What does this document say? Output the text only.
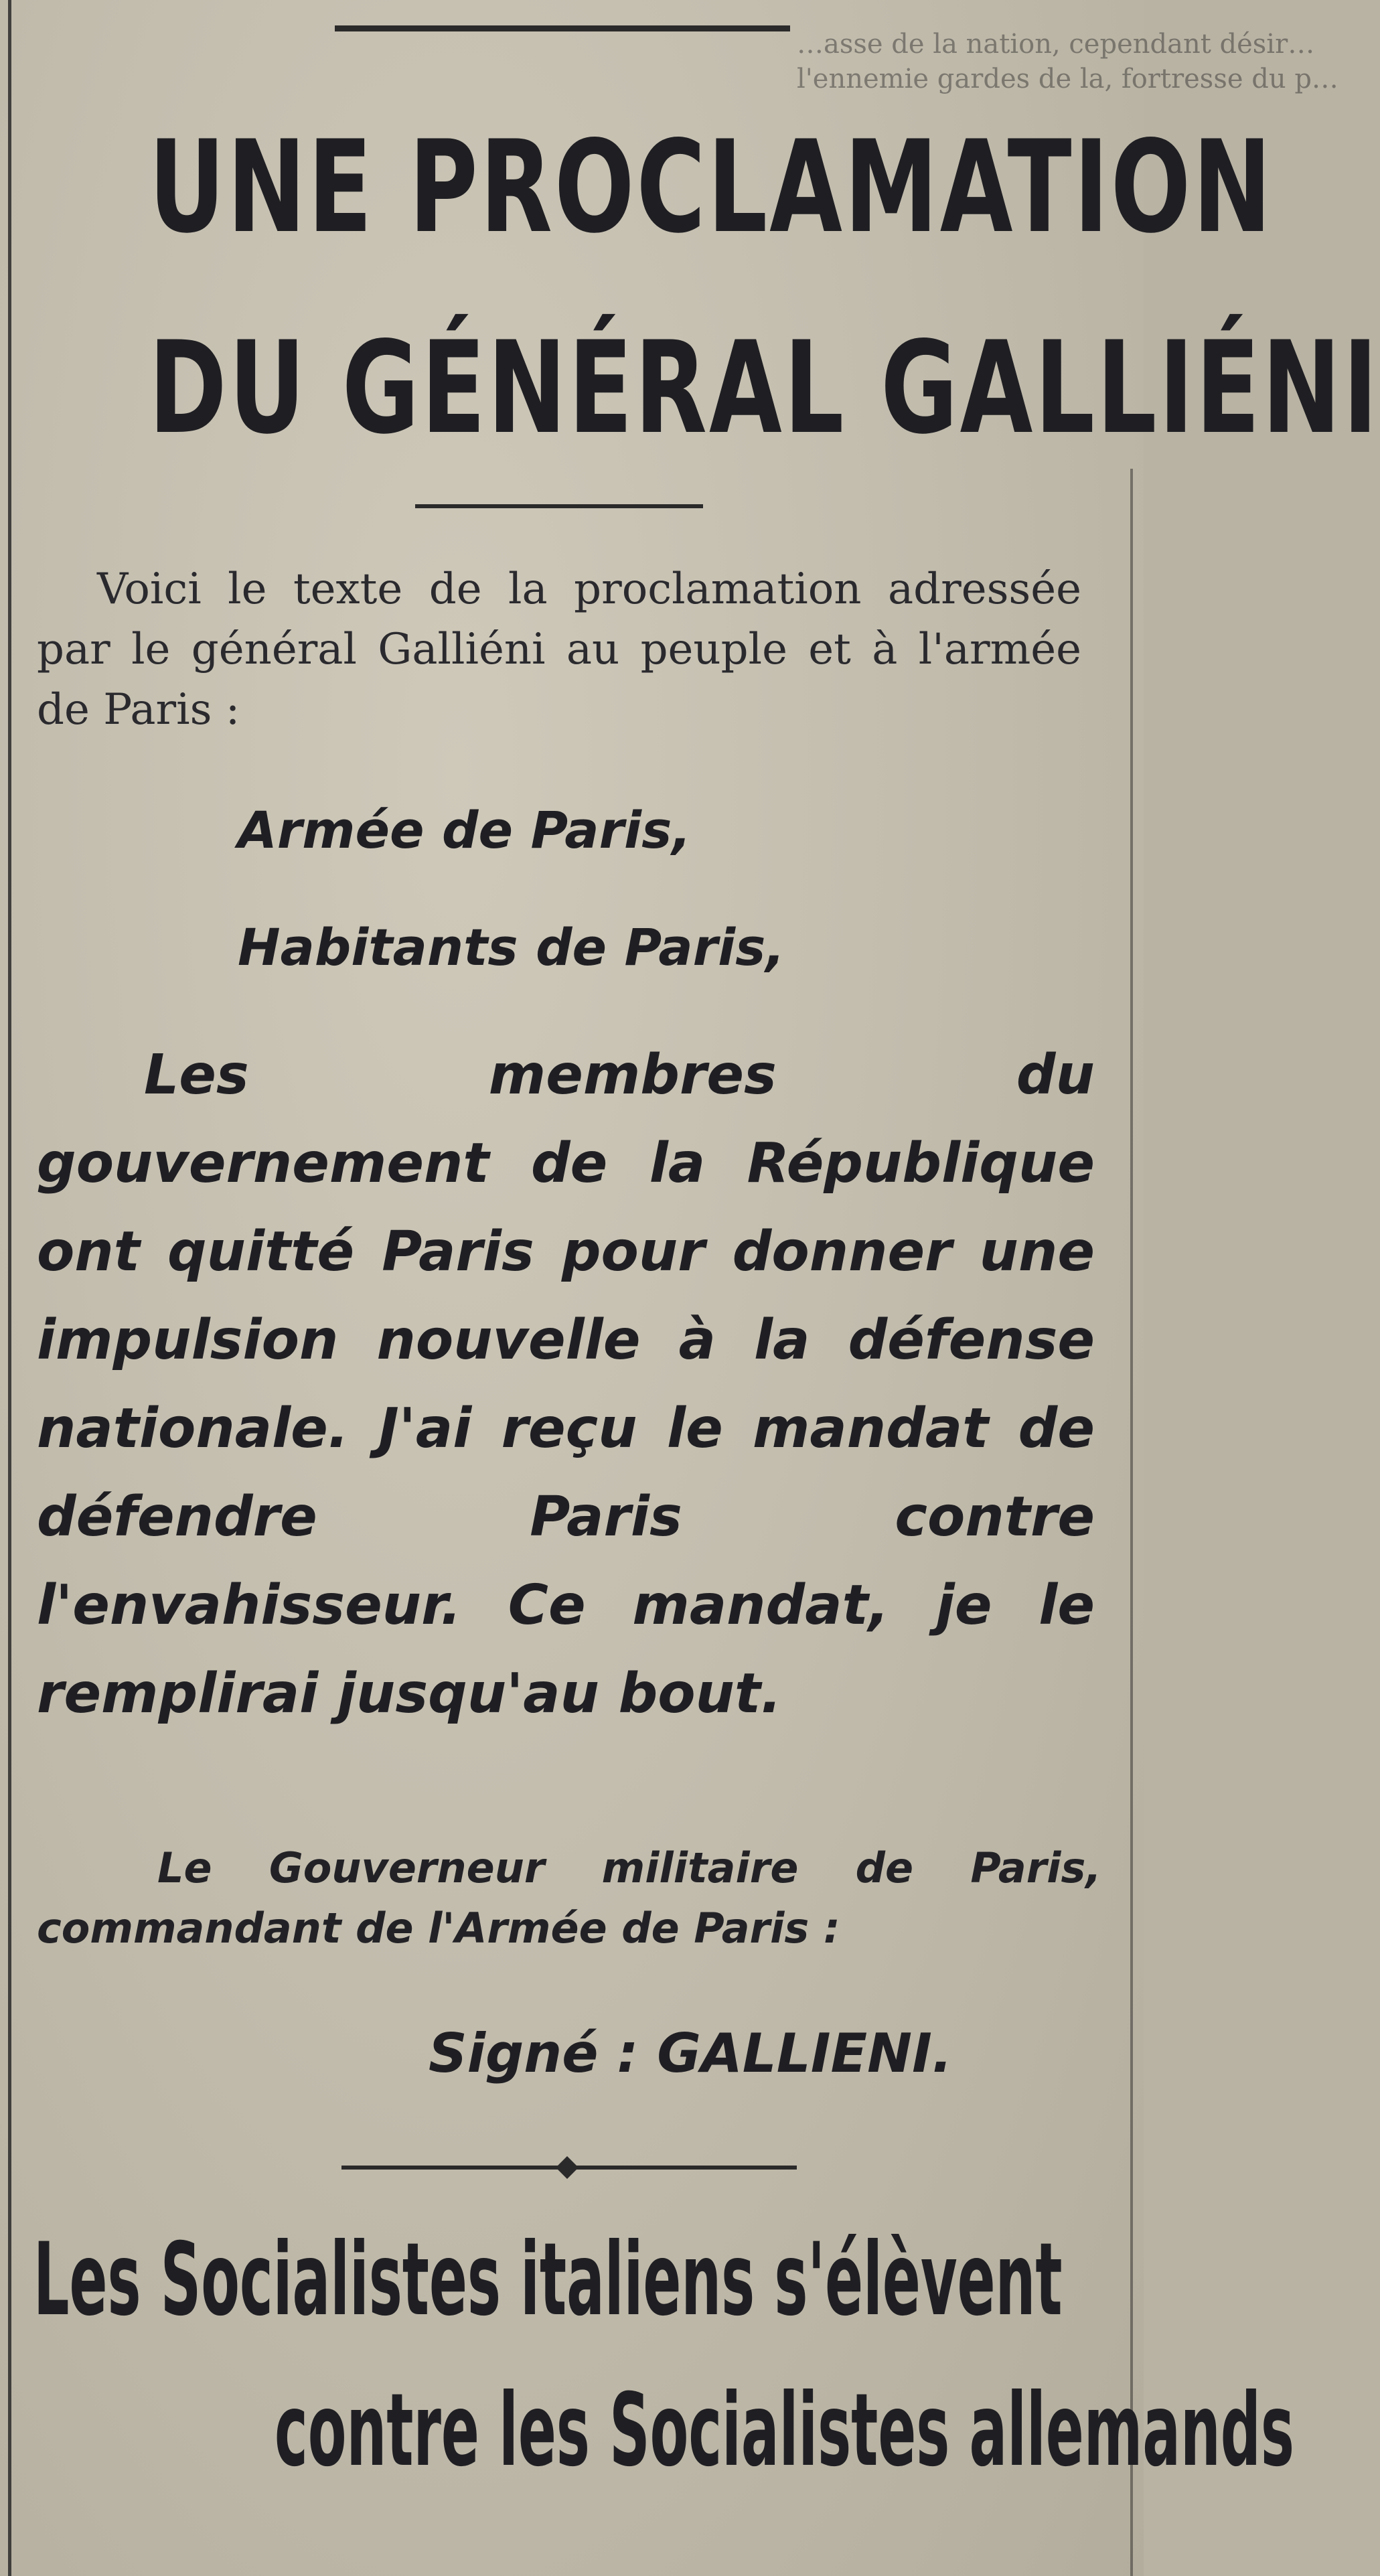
…asse de la nation, cependant désir…
l'ennemie gardes de la, fortresse du p…
UNE PROCLAMATION
DU GÉNÉRAL GALLIÉNI
Voici le texte de la proclamation adressée par le général Galliéni au peuple et à l'armée de Paris :
Armée de Paris,
Habitants de Paris,
Les membres du gouvernement de la République ont quitté Paris pour donner une impulsion nouvelle à la défense nationale. J'ai reçu le mandat de défendre Paris contre l'envahisseur. Ce mandat, je le remplirai jusqu'au bout.
Le Gouverneur militaire de Paris, commandant de l'Armée de Paris :
Signé : GALLIENI.
Les Socialistes italiens s'élèvent
contre les Socialistes allemands
